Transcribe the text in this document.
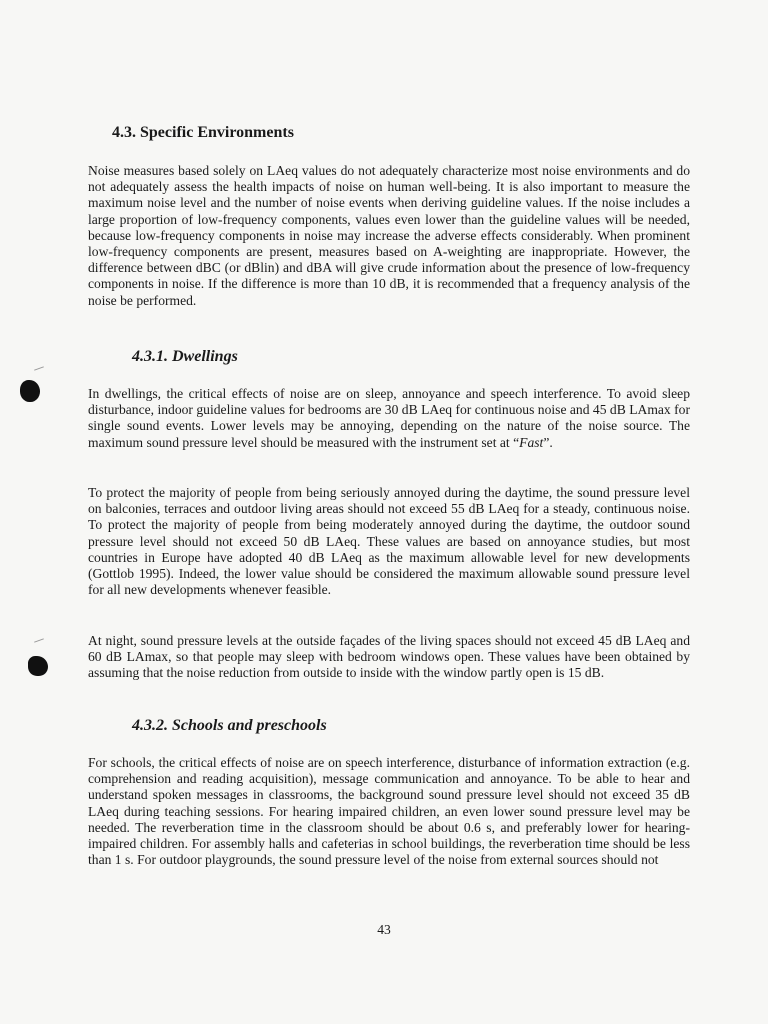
4.3. Specific Environments

Noise measures based solely on LAeq values do not adequately characterize most noise environments and do not adequately assess the health impacts of noise on human well-being. It is also important to measure the maximum noise level and the number of noise events when deriving guideline values. If the noise includes a large proportion of low-frequency components, values even lower than the guideline values will be needed, because low-frequency components in noise may increase the adverse effects considerably. When prominent low-frequency components are present, measures based on A-weighting are inappropriate. However, the difference between dBC (or dBlin) and dBA will give crude information about the presence of low-frequency components in noise. If the difference is more than 10 dB, it is recommended that a frequency analysis of the noise be performed.

4.3.1. Dwellings

In dwellings, the critical effects of noise are on sleep, annoyance and speech interference. To avoid sleep disturbance, indoor guideline values for bedrooms are 30 dB LAeq for continuous noise and 45 dB LAmax for single sound events. Lower levels may be annoying, depending on the nature of the noise source. The maximum sound pressure level should be measured with the instrument set at “Fast”.

To protect the majority of people from being seriously annoyed during the daytime, the sound pressure level on balconies, terraces and outdoor living areas should not exceed 55 dB LAeq for a steady, continuous noise. To protect the majority of people from being moderately annoyed during the daytime, the outdoor sound pressure level should not exceed 50 dB LAeq. These values are based on annoyance studies, but most countries in Europe have adopted 40 dB LAeq as the maximum allowable level for new developments (Gottlob 1995). Indeed, the lower value should be considered the maximum allowable sound pressure level for all new developments whenever feasible.

At night, sound pressure levels at the outside façades of the living spaces should not exceed 45 dB LAeq and 60 dB LAmax, so that people may sleep with bedroom windows open. These values have been obtained by assuming that the noise reduction from outside to inside with the window partly open is 15 dB.

4.3.2. Schools and preschools

For schools, the critical effects of noise are on speech interference, disturbance of information extraction (e.g. comprehension and reading acquisition), message communication and annoyance. To be able to hear and understand spoken messages in classrooms, the background sound pressure level should not exceed 35 dB LAeq during teaching sessions. For hearing impaired children, an even lower sound pressure level may be needed. The reverberation time in the classroom should be about 0.6 s, and preferably lower for hearing-impaired children. For assembly halls and cafeterias in school buildings, the reverberation time should be less than 1 s. For outdoor playgrounds, the sound pressure level of the noise from external sources should not

43
